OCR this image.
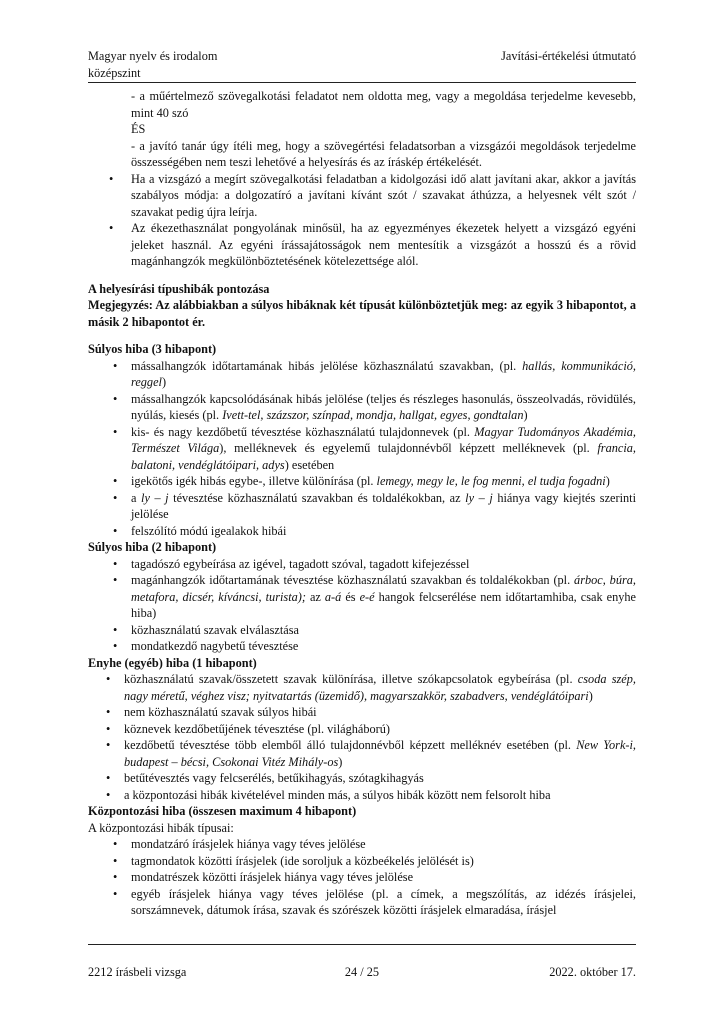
Magyar nyelv és irodalom
középszint
Javítási-értékelési útmutató

- a műértelmező szövegalkotási feladatot nem oldotta meg, vagy a megoldása terjedelme kevesebb, mint 40 szó

ÉS

- a javító tanár úgy ítéli meg, hogy a szövegértési feladatsorban a vizsgázói megoldások terjedelme összességében nem teszi lehetővé a helyesírás és az íráskép értékelését.

• Ha a vizsgázó a megírt szövegalkotási feladatban a kidolgozási idő alatt javítani akar, akkor a javítás szabályos módja: a dolgozatíró a javítani kívánt szót / szavakat áthúzza, a helyesnek vélt szót / szavakat pedig újra leírja.
• Az ékezethasználat pongyolának minősül, ha az egyezményes ékezetek helyett a vizsgázó egyéni jeleket használ. Az egyéni írássajátosságok nem mentesítik a vizsgázót a hosszú és a rövid magánhangzók megkülönböztetésének kötelezettsége alól.

A helyesírási típushibák pontozása

Megjegyzés: Az alábbiakban a súlyos hibáknak két típusát különböztetjük meg: az egyik 3 hibapontot, a másik 2 hibapontot ér.

Súlyos hiba (3 hibapont)

• mássalhangzók időtartamának hibás jelölése közhasználatú szavakban, (pl. hallás, kommunikáció, reggel)
• mássalhangzók kapcsolódásának hibás jelölése (teljes és részleges hasonulás, összeolvadás, rövidülés, nyúlás, kiesés (pl. Ivett-tel, százszor, színpad, mondja, hallgat, egyes, gondtalan)
• kis- és nagy kezdőbetű tévesztése közhasználatú tulajdonnevek (pl. Magyar Tudományos Akadémia, Természet Világa), melléknevek és egyelemű tulajdonnévből képzett melléknevek (pl. francia, balatoni, vendéglátóipari, adys) esetében
• igekötős igék hibás egybe-, illetve különírása (pl. lemegy, megy le, le fog menni, el tudja fogadni)
• a ly – j tévesztése közhasználatú szavakban és toldalékokban, az ly – j hiánya vagy kiejtés szerinti jelölése
• felszólító módú igealakok hibái

Súlyos hiba (2 hibapont)

• tagadószó egybeírása az igével, tagadott szóval, tagadott kifejezéssel
• magánhangzók időtartamának tévesztése közhasználatú szavakban és toldalékokban (pl. árboc, búra, metafora, dicsér, kíváncsi, turista); az a-á és e-é hangok felcserélése nem időtartamhiba, csak enyhe hiba)
• közhasználatú szavak elválasztása
• mondatkezdő nagybetű tévesztése

Enyhe (egyéb) hiba (1 hibapont)

• közhasználatú szavak/összetett szavak különírása, illetve szókapcsolatok egybeírása (pl. csoda szép, nagy méretű, véghez visz; nyitvatartás (üzemidő), magyarszakkör, szabadvers, vendéglátóipari)
• nem közhasználatú szavak súlyos hibái
• köznevek kezdőbetűjének tévesztése (pl. világháború)
• kezdőbetű tévesztése több elemből álló tulajdonnévből képzett melléknév esetében (pl. New York-i, budapest – bécsi, Csokonai Vitéz Mihály-os)
• betűtévesztés vagy felcserélés, betűkihagyás, szótagkihagyás
• a központozási hibák kivételével minden más, a súlyos hibák között nem felsorolt hiba

Központozási hiba (összesen maximum 4 hibapont)

A központozási hibák típusai:

• mondatzáró írásjelek hiánya vagy téves jelölése
• tagmondatok közötti írásjelek (ide soroljuk a közbeékelés jelölését is)
• mondatrészek közötti írásjelek hiánya vagy téves jelölése
• egyéb írásjelek hiánya vagy téves jelölése (pl. a címek, a megszólítás, az idézés írásjelei, sorszámnevek, dátumok írása, szavak és szórészek közötti írásjelek elmaradása, írásjel
2212 írásbeli vizsga	24 / 25	2022. október 17.
